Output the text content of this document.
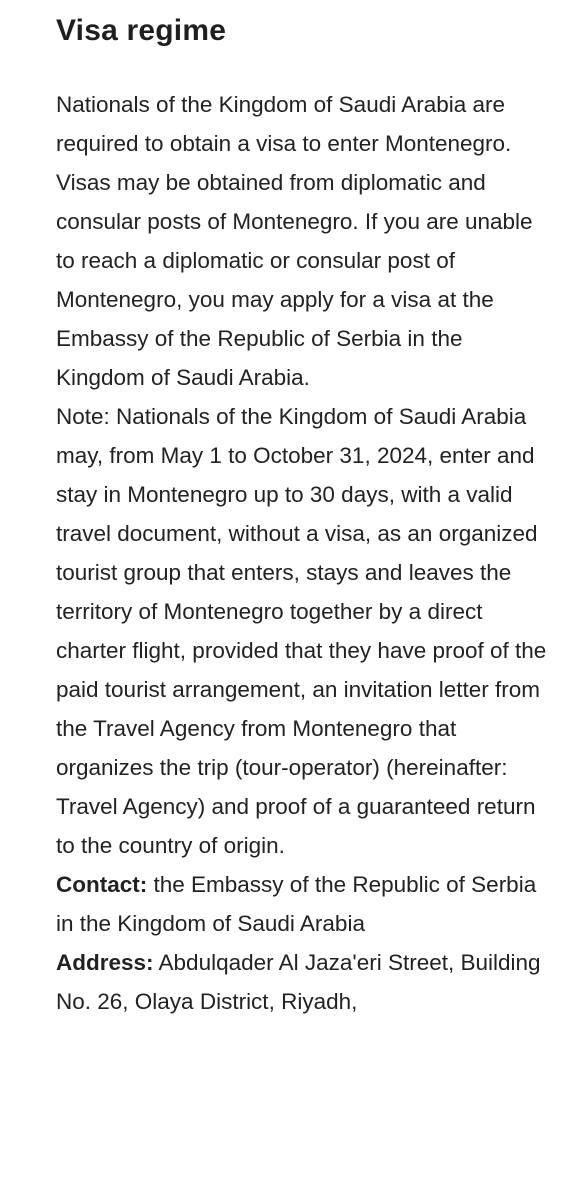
Visa regime

Nationals of the Kingdom of Saudi Arabia are required to obtain a visa to enter Montenegro.

Visas may be obtained from diplomatic and consular posts of Montenegro. If you are unable to reach a diplomatic or consular post of Montenegro, you may apply for a visa at the Embassy of the Republic of Serbia in the Kingdom of Saudi Arabia.

Note: Nationals of the Kingdom of Saudi Arabia may, from May 1 to October 31, 2024, enter and stay in Montenegro up to 30 days, with a valid travel document, without a visa, as an organized tourist group that enters, stays and leaves the territory of Montenegro together by a direct charter flight, provided that they have proof of the paid tourist arrangement, an invitation letter from the Travel Agency from Montenegro that organizes the trip (tour-operator) (hereinafter: Travel Agency) and proof of a guaranteed return to the country of origin.

Contact: the Embassy of the Republic of Serbia in the Kingdom of Saudi Arabia

Address: Abdulqader Al Jaza'eri Street, Building No. 26, Olaya District, Riyadh,
